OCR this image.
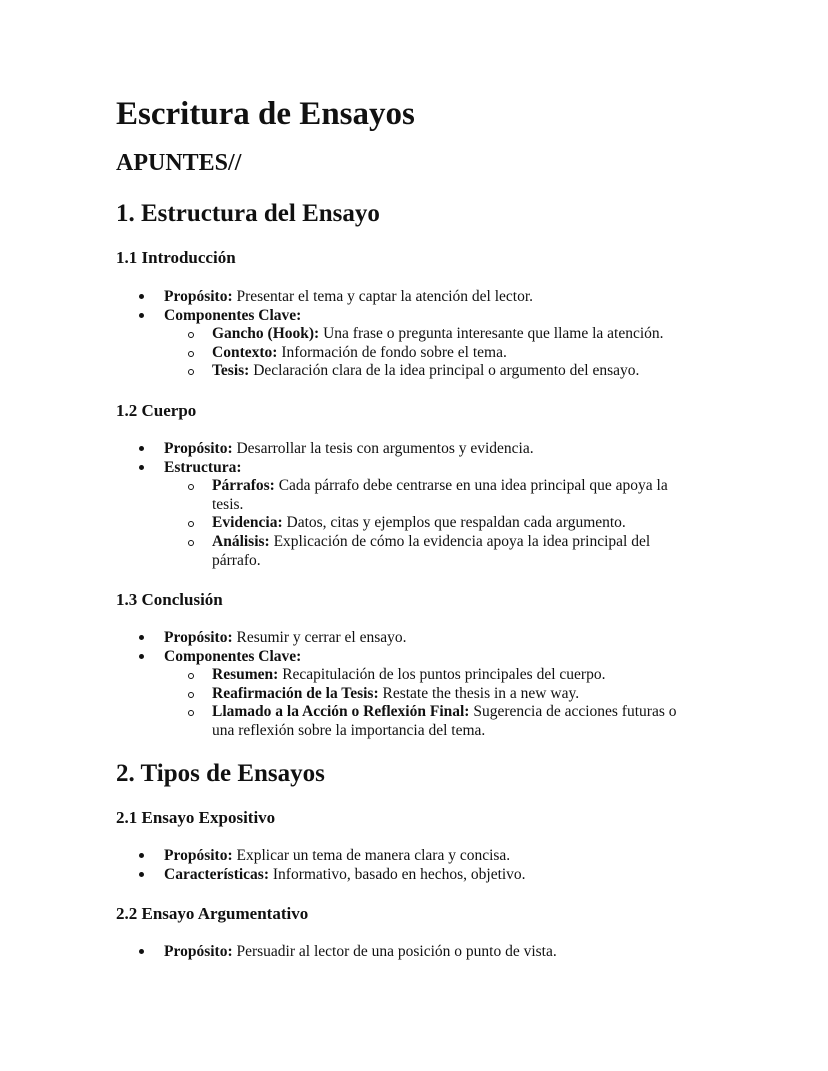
Escritura de Ensayos
APUNTES//
1. Estructura del Ensayo
1.1 Introducción
Propósito: Presentar el tema y captar la atención del lector.
Componentes Clave:
Gancho (Hook): Una frase o pregunta interesante que llame la atención.
Contexto: Información de fondo sobre el tema.
Tesis: Declaración clara de la idea principal o argumento del ensayo.
1.2 Cuerpo
Propósito: Desarrollar la tesis con argumentos y evidencia.
Estructura:
Párrafos: Cada párrafo debe centrarse en una idea principal que apoya la tesis.
Evidencia: Datos, citas y ejemplos que respaldan cada argumento.
Análisis: Explicación de cómo la evidencia apoya la idea principal del párrafo.
1.3 Conclusión
Propósito: Resumir y cerrar el ensayo.
Componentes Clave:
Resumen: Recapitulación de los puntos principales del cuerpo.
Reafirmación de la Tesis: Restate the thesis in a new way.
Llamado a la Acción o Reflexión Final: Sugerencia de acciones futuras o una reflexión sobre la importancia del tema.
2. Tipos de Ensayos
2.1 Ensayo Expositivo
Propósito: Explicar un tema de manera clara y concisa.
Características: Informativo, basado en hechos, objetivo.
2.2 Ensayo Argumentativo
Propósito: Persuadir al lector de una posición o punto de vista.
